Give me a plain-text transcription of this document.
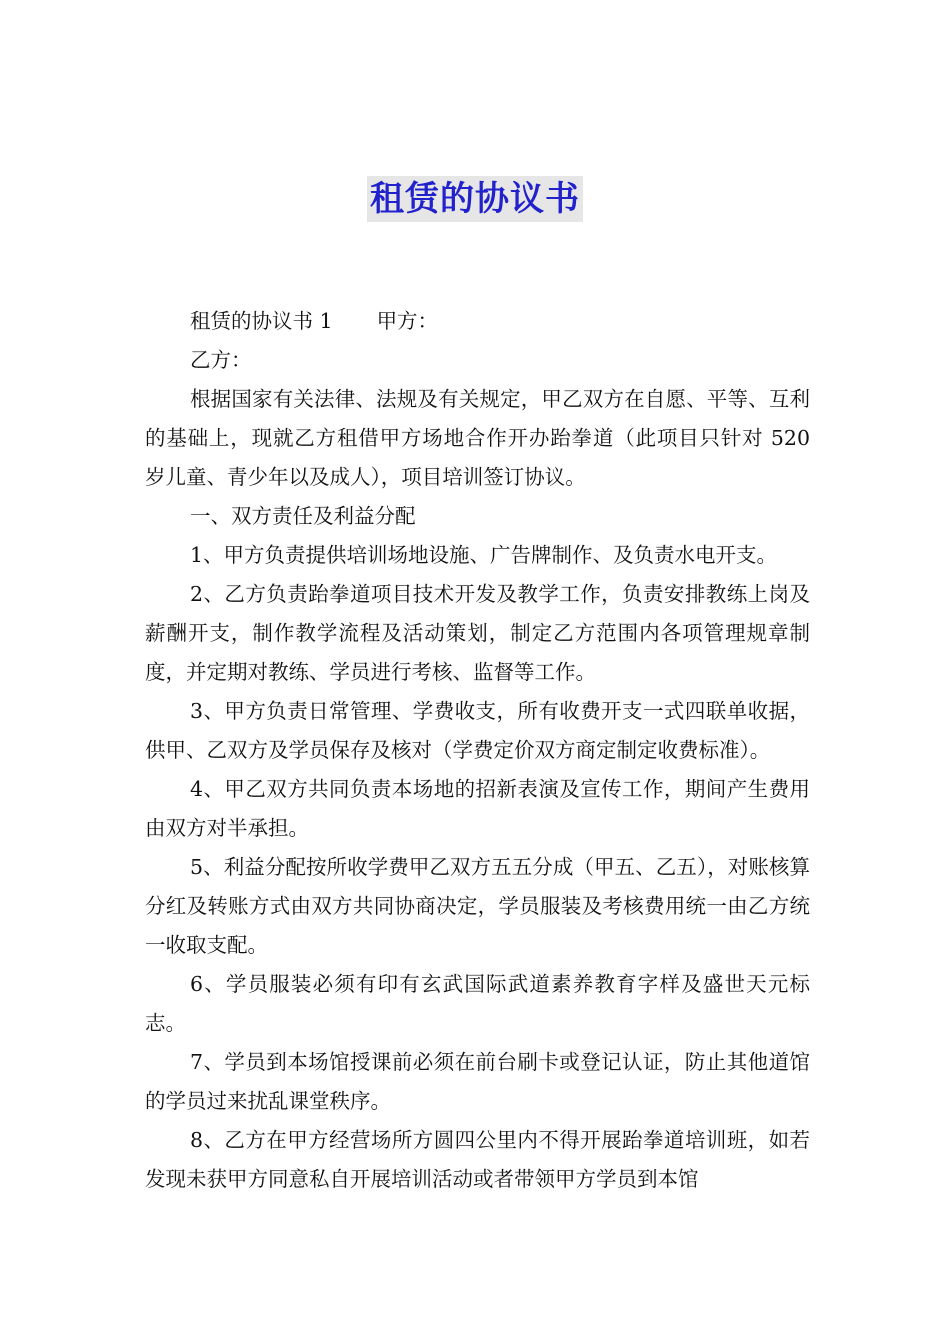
租赁的协议书

租赁的协议书 1 甲方：

乙方：

根据国家有关法律、法规及有关规定，甲乙双方在自愿、平等、互利的基础上，现就乙方租借甲方场地合作开办跆拳道（此项目只针对 520 岁儿童、青少年以及成人），项目培训签订协议。

一、双方责任及利益分配

1、甲方负责提供培训场地设施、广告牌制作、及负责水电开支。

2、乙方负责跆拳道项目技术开发及教学工作，负责安排教练上岗及薪酬开支，制作教学流程及活动策划，制定乙方范围内各项管理规章制度，并定期对教练、学员进行考核、监督等工作。

3、甲方负责日常管理、学费收支，所有收费开支一式四联单收据，供甲、乙双方及学员保存及核对（学费定价双方商定制定收费标准）。

4、甲乙双方共同负责本场地的招新表演及宣传工作，期间产生费用由双方对半承担。

5、利益分配按所收学费甲乙双方五五分成（甲五、乙五），对账核算分红及转账方式由双方共同协商决定，学员服装及考核费用统一由乙方统一收取支配。

6、学员服装必须有印有玄武国际武道素养教育字样及盛世天元标志。

7、学员到本场馆授课前必须在前台刷卡或登记认证，防止其他道馆的学员过来扰乱课堂秩序。

8、乙方在甲方经营场所方圆四公里内不得开展跆拳道培训班，如若发现未获甲方同意私自开展培训活动或者带领甲方学员到本馆
